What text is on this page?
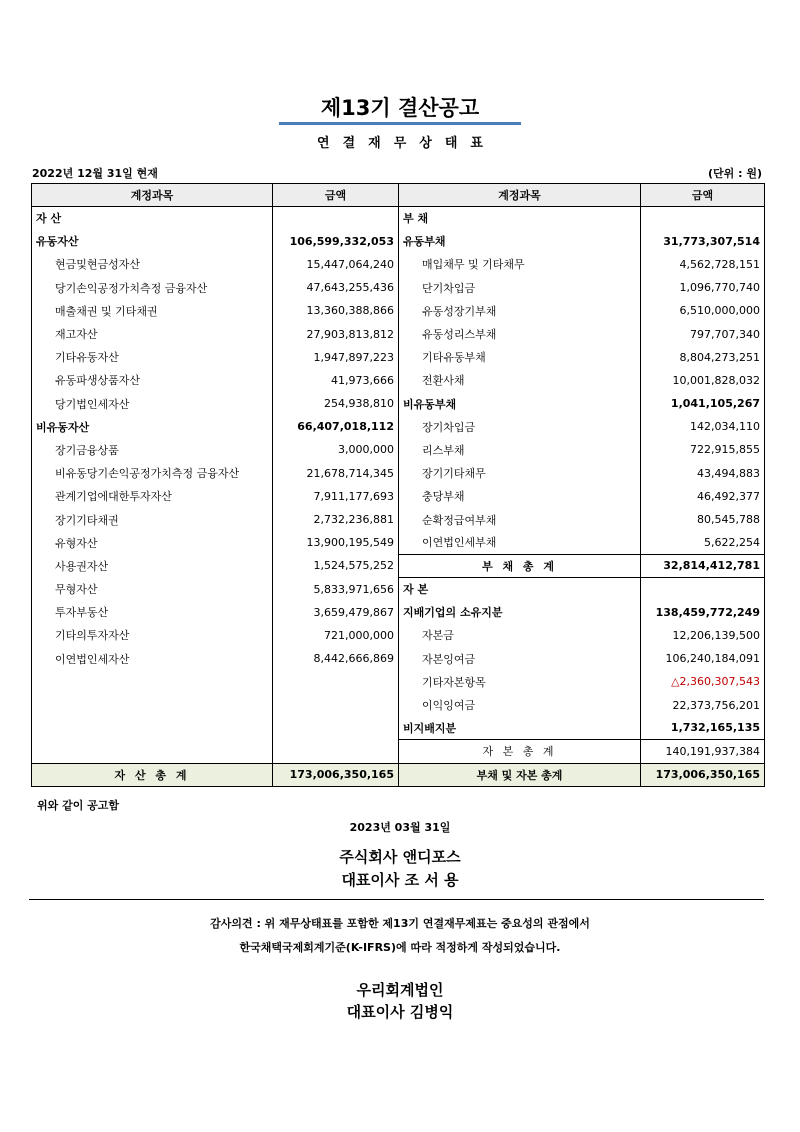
제13기 결산공고
연결재무상태표
2022년 12월 31일 현재	(단위 : 원)
계정과목	금액	계정과목	금액
자 산		부 채	
유동자산	106,599,332,053	유동부채	31,773,307,514
현금및현금성자산	15,447,064,240	매입채무 및 기타채무	4,562,728,151
당기손익공정가치측정 금융자산	47,643,255,436	단기차입금	1,096,770,740
매출채권 및 기타채권	13,360,388,866	유동성장기부채	6,510,000,000
재고자산	27,903,813,812	유동성리스부채	797,707,340
기타유동자산	1,947,897,223	기타유동부채	8,804,273,251
유동파생상품자산	41,973,666	전환사채	10,001,828,032
당기법인세자산	254,938,810	비유동부채	1,041,105,267
비유동자산	66,407,018,112	장기차입금	142,034,110
장기금융상품	3,000,000	리스부채	722,915,855
비유동당기손익공정가치측정 금융자산	21,678,714,345	장기기타채무	43,494,883
관계기업에대한투자자산	7,911,177,693	충당부채	46,492,377
장기기타채권	2,732,236,881	순확정급여부채	80,545,788
유형자산	13,900,195,549	이연법인세부채	5,622,254
사용권자산	1,524,575,252	부 채 총 계	32,814,412,781
무형자산	5,833,971,656	자 본	
투자부동산	3,659,479,867	지배기업의 소유지분	138,459,772,249
기타의투자자산	721,000,000	자본금	12,206,139,500
이연법인세자산	8,442,666,869	자본잉여금	106,240,184,091
		기타자본항목	△2,360,307,543
		이익잉여금	22,373,756,201
		비지배지분	1,732,165,135
		자 본 총 계	140,191,937,384
자 산 총 계	173,006,350,165	부채 및 자본 총계	173,006,350,165
위와 같이 공고함
2023년 03월 31일
주식회사 앤디포스
대표이사 조 서 용
감사의견 : 위 재무상태표를 포함한 제13기 연결재무제표는 중요성의 관점에서
한국채택국제회계기준(K-IFRS)에 따라 적정하게 작성되었습니다.
우리회계법인
대표이사 김병익
